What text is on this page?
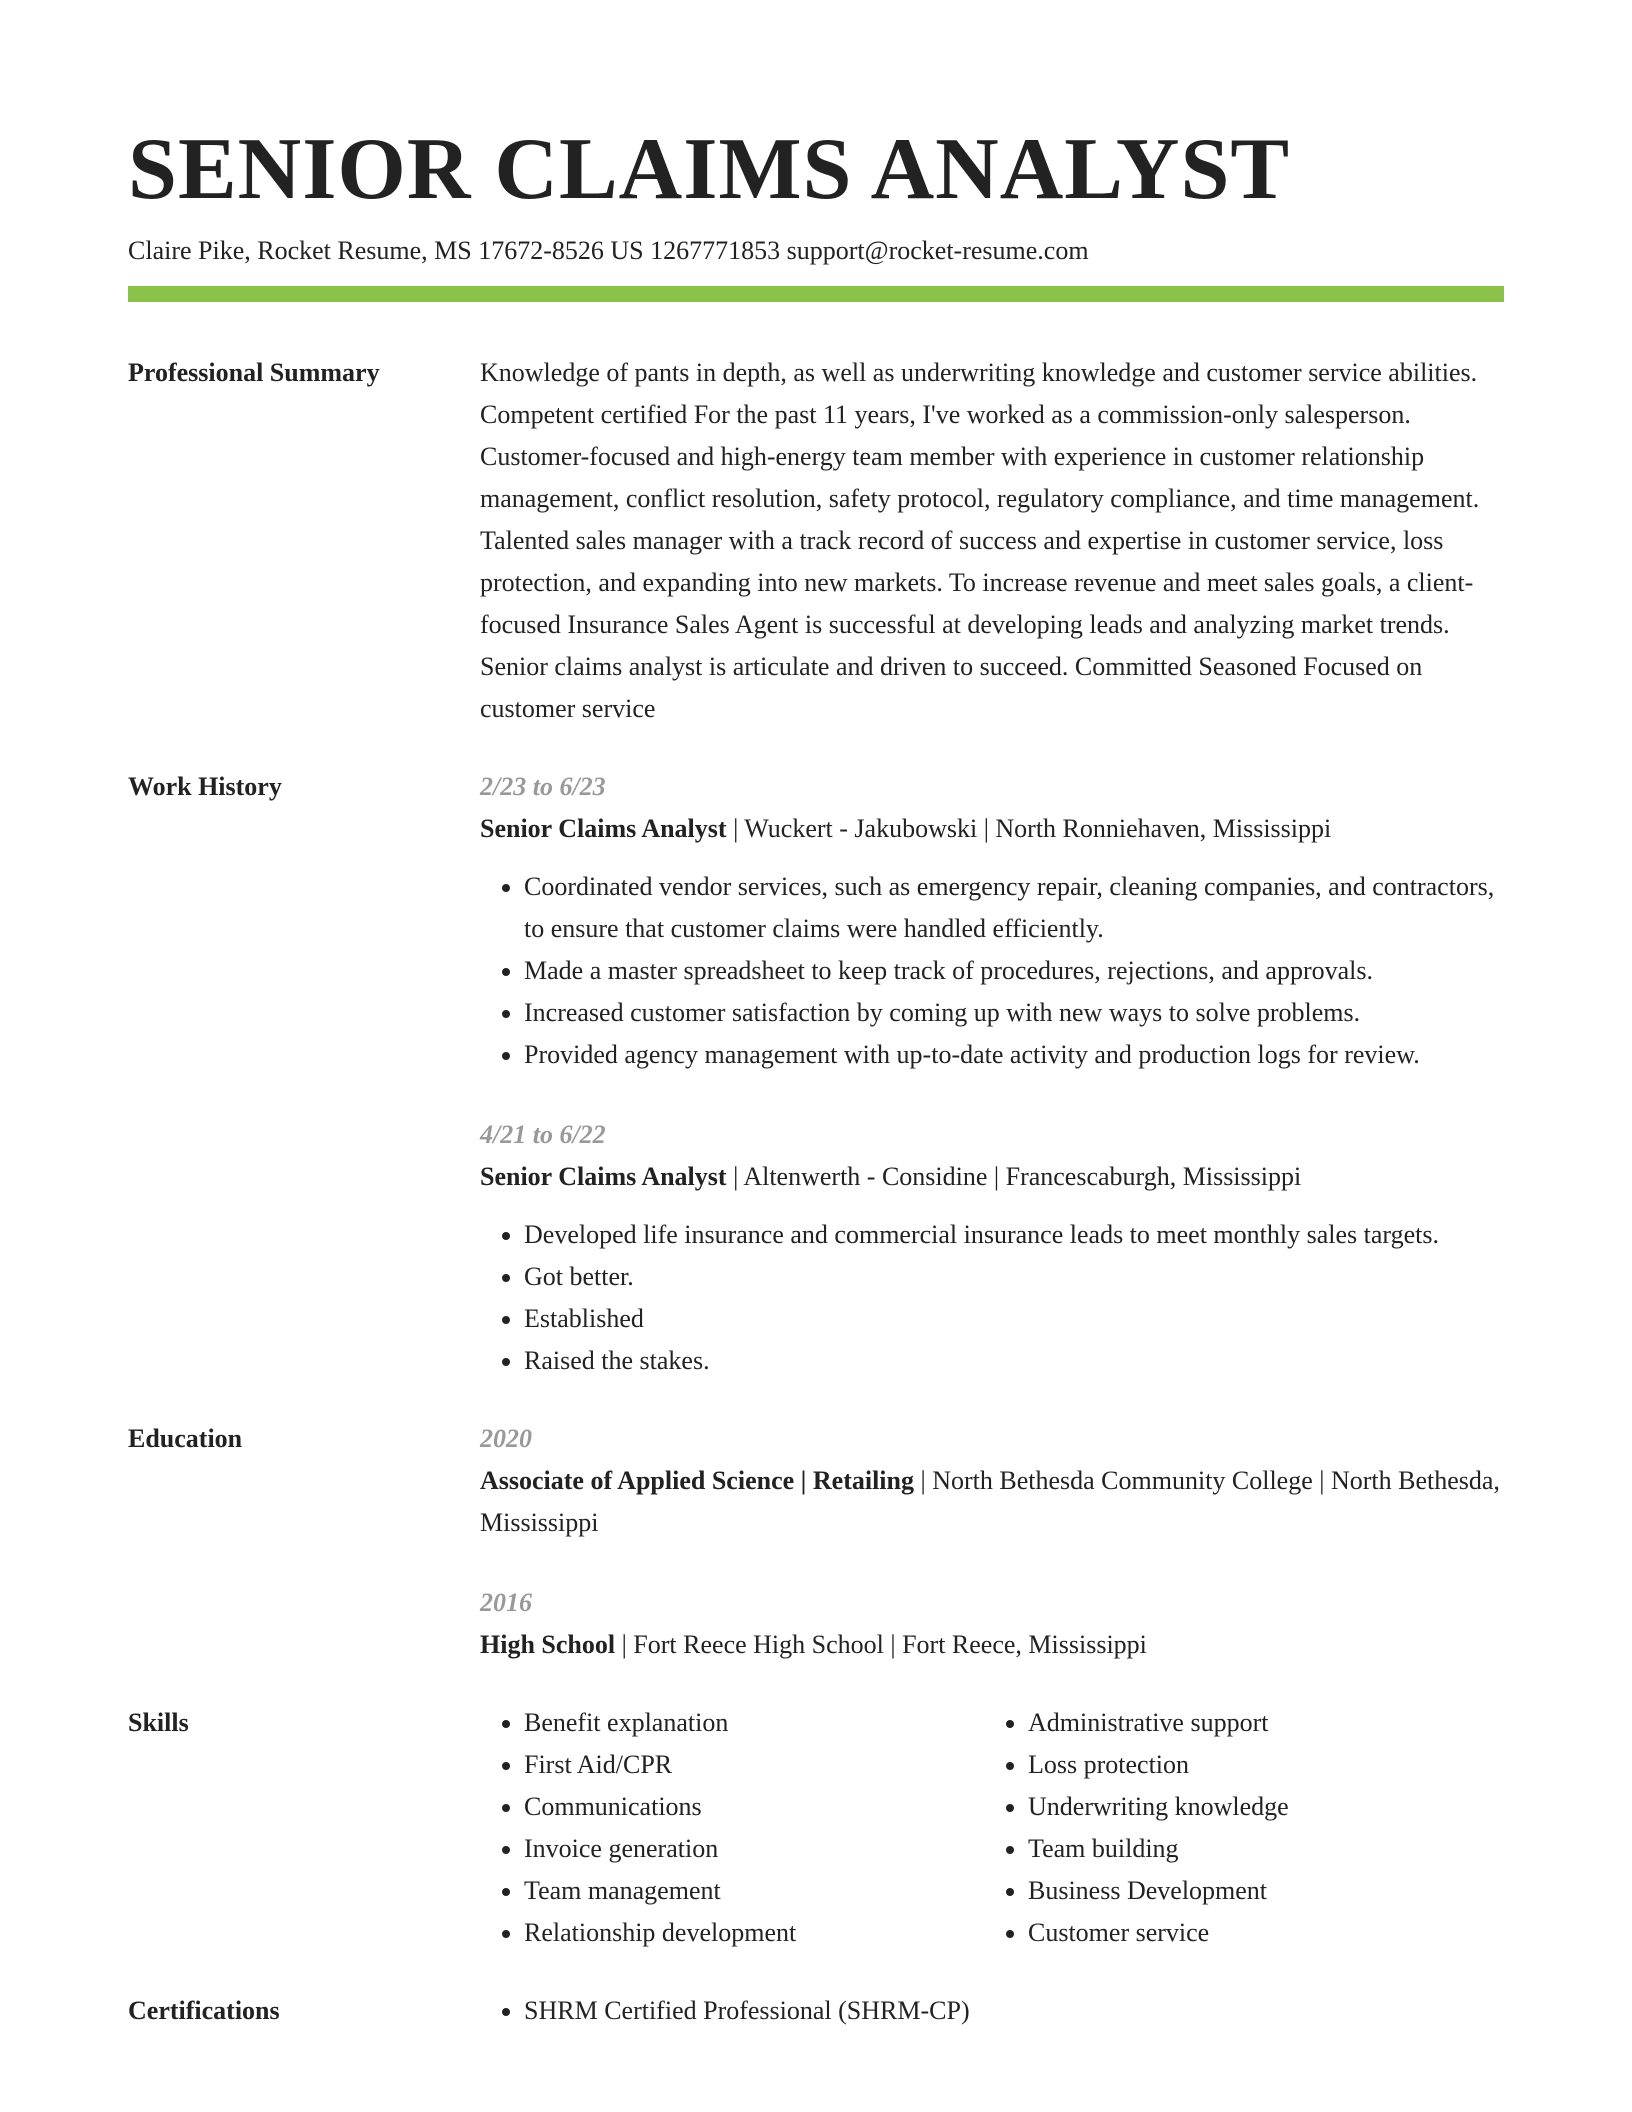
SENIOR CLAIMS ANALYST
Claire Pike, Rocket Resume, MS 17672-8526 US 1267771853 support@rocket-resume.com
Professional Summary	Knowledge of pants in depth, as well as underwriting knowledge and customer service abilities. Competent certified For the past 11 years, I've worked as a commission-only salesperson. Customer-focused and high-energy team member with experience in customer relationship management, conflict resolution, safety protocol, regulatory compliance, and time management. Talented sales manager with a track record of success and expertise in customer service, loss protection, and expanding into new markets. To increase revenue and meet sales goals, a client-focused Insurance Sales Agent is successful at developing leads and analyzing market trends. Senior claims analyst is articulate and driven to succeed. Committed Seasoned Focused on customer service

Work History	2/23 to 6/23
Senior Claims Analyst | Wuckert - Jakubowski | North Ronniehaven, Mississippi
• Coordinated vendor services, such as emergency repair, cleaning companies, and contractors, to ensure that customer claims were handled efficiently.
• Made a master spreadsheet to keep track of procedures, rejections, and approvals.
• Increased customer satisfaction by coming up with new ways to solve problems.
• Provided agency management with up-to-date activity and production logs for review.
4/21 to 6/22
Senior Claims Analyst | Altenwerth - Considine | Francescaburgh, Mississippi
• Developed life insurance and commercial insurance leads to meet monthly sales targets.
• Got better.
• Established
• Raised the stakes.
Education	2020
Associate of Applied Science | Retailing | North Bethesda Community College | North Bethesda, Mississippi
2016
High School | Fort Reece High School | Fort Reece, Mississippi
Skills	• Benefit explanation
• First Aid/CPR
• Communications
• Invoice generation
• Team management
• Relationship development
• Administrative support
• Loss protection
• Underwriting knowledge
• Team building
• Business Development
• Customer service
Certifications	• SHRM Certified Professional (SHRM-CP)
